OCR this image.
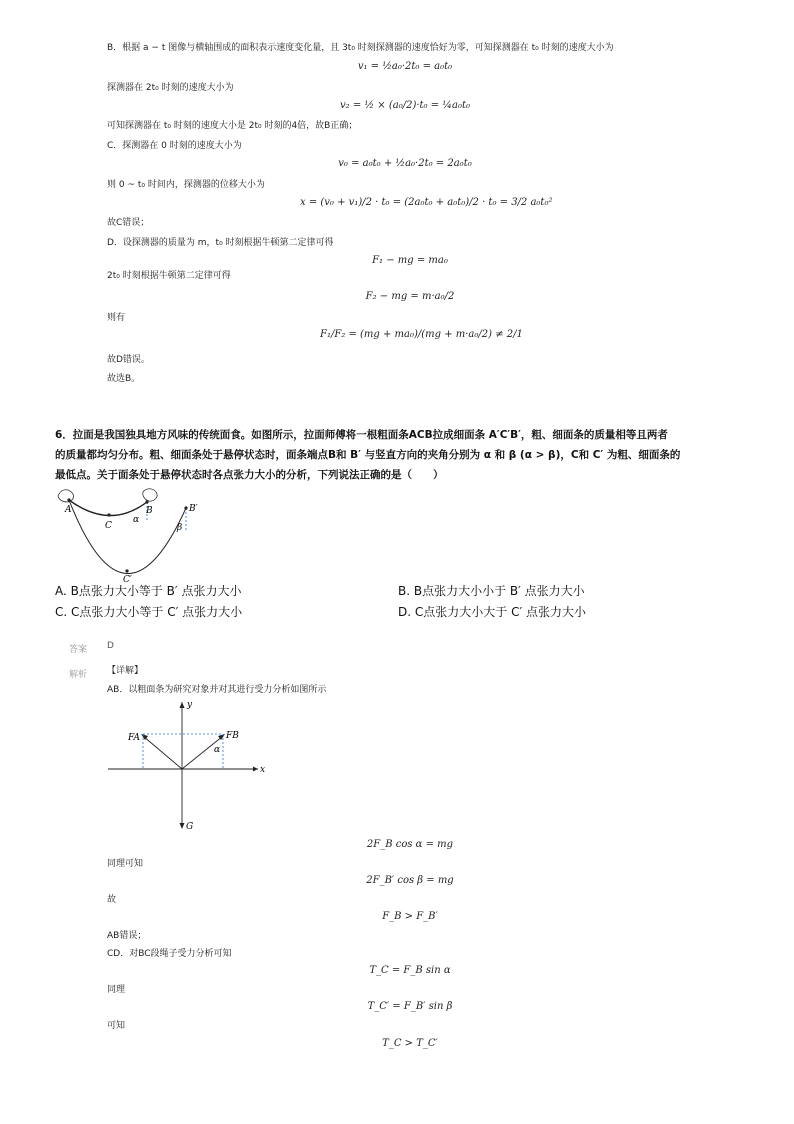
B．根据 a − t 图像与横轴围成的面积表示速度变化量，且 3t₀ 时刻探测器的速度恰好为零，可知探测器在 t₀ 时刻的速度大小为
v₁ = ½a₀·2t₀ = a₀t₀
探测器在 2t₀ 时刻的速度大小为
v₂ = ½ × (a₀/2)·t₀ = ¼a₀t₀
可知探测器在 t₀ 时刻的速度大小是 2t₀ 时刻的4倍，故B正确；
C．探测器在 0 时刻的速度大小为
v₀ = a₀t₀ + ½a₀·2t₀ = 2a₀t₀
则 0 ~ t₀ 时间内，探测器的位移大小为
x = (v₀ + v₁)/2 · t₀ = (2a₀t₀ + a₀t₀)/2 · t₀ = 3/2 a₀t₀²
故C错误；
D．设探测器的质量为 m，t₀ 时刻根据牛顿第二定律可得
F₁ − mg = ma₀
2t₀ 时刻根据牛顿第二定律可得
F₂ − mg = m·a₀/2
则有
F₁/F₂ = (mg + ma₀)/(mg + m·a₀/2) ≠ 2/1
故D错误。
故选B。
6．拉面是我国独具地方风味的传统面食。如图所示，拉面师傅将一根粗面条ACB拉成细面条 A′C′B′，粗、细面条的质量相等且两者
的质量都均匀分布。粗、细面条处于悬停状态时，面条端点B和 B′ 与竖直方向的夹角分别为 α 和 β (α > β)，C和 C′ 为粗、细面条的
最低点。关于面条处于悬停状态时各点张力大小的分析，下列说法正确的是（　　）
A
C
B	B′
C′
α
β
A. B点张力大小等于 B′ 点张力大小	B. B点张力大小小于 B′ 点张力大小
C. C点张力大小等于 C′ 点张力大小	D. C点张力大小大于 C′ 点张力大小
答案 D
解析 【详解】
AB．以粗面条为研究对象并对其进行受力分析如图所示
y
x
FA	FB
G
α
2F_B cos α = mg
同理可知
2F_B′ cos β = mg
故
F_B > F_B′
AB错误；
CD．对BC段绳子受力分析可知
T_C = F_B sin α
同理
T_C′ = F_B′ sin β
可知
T_C > T_C′
